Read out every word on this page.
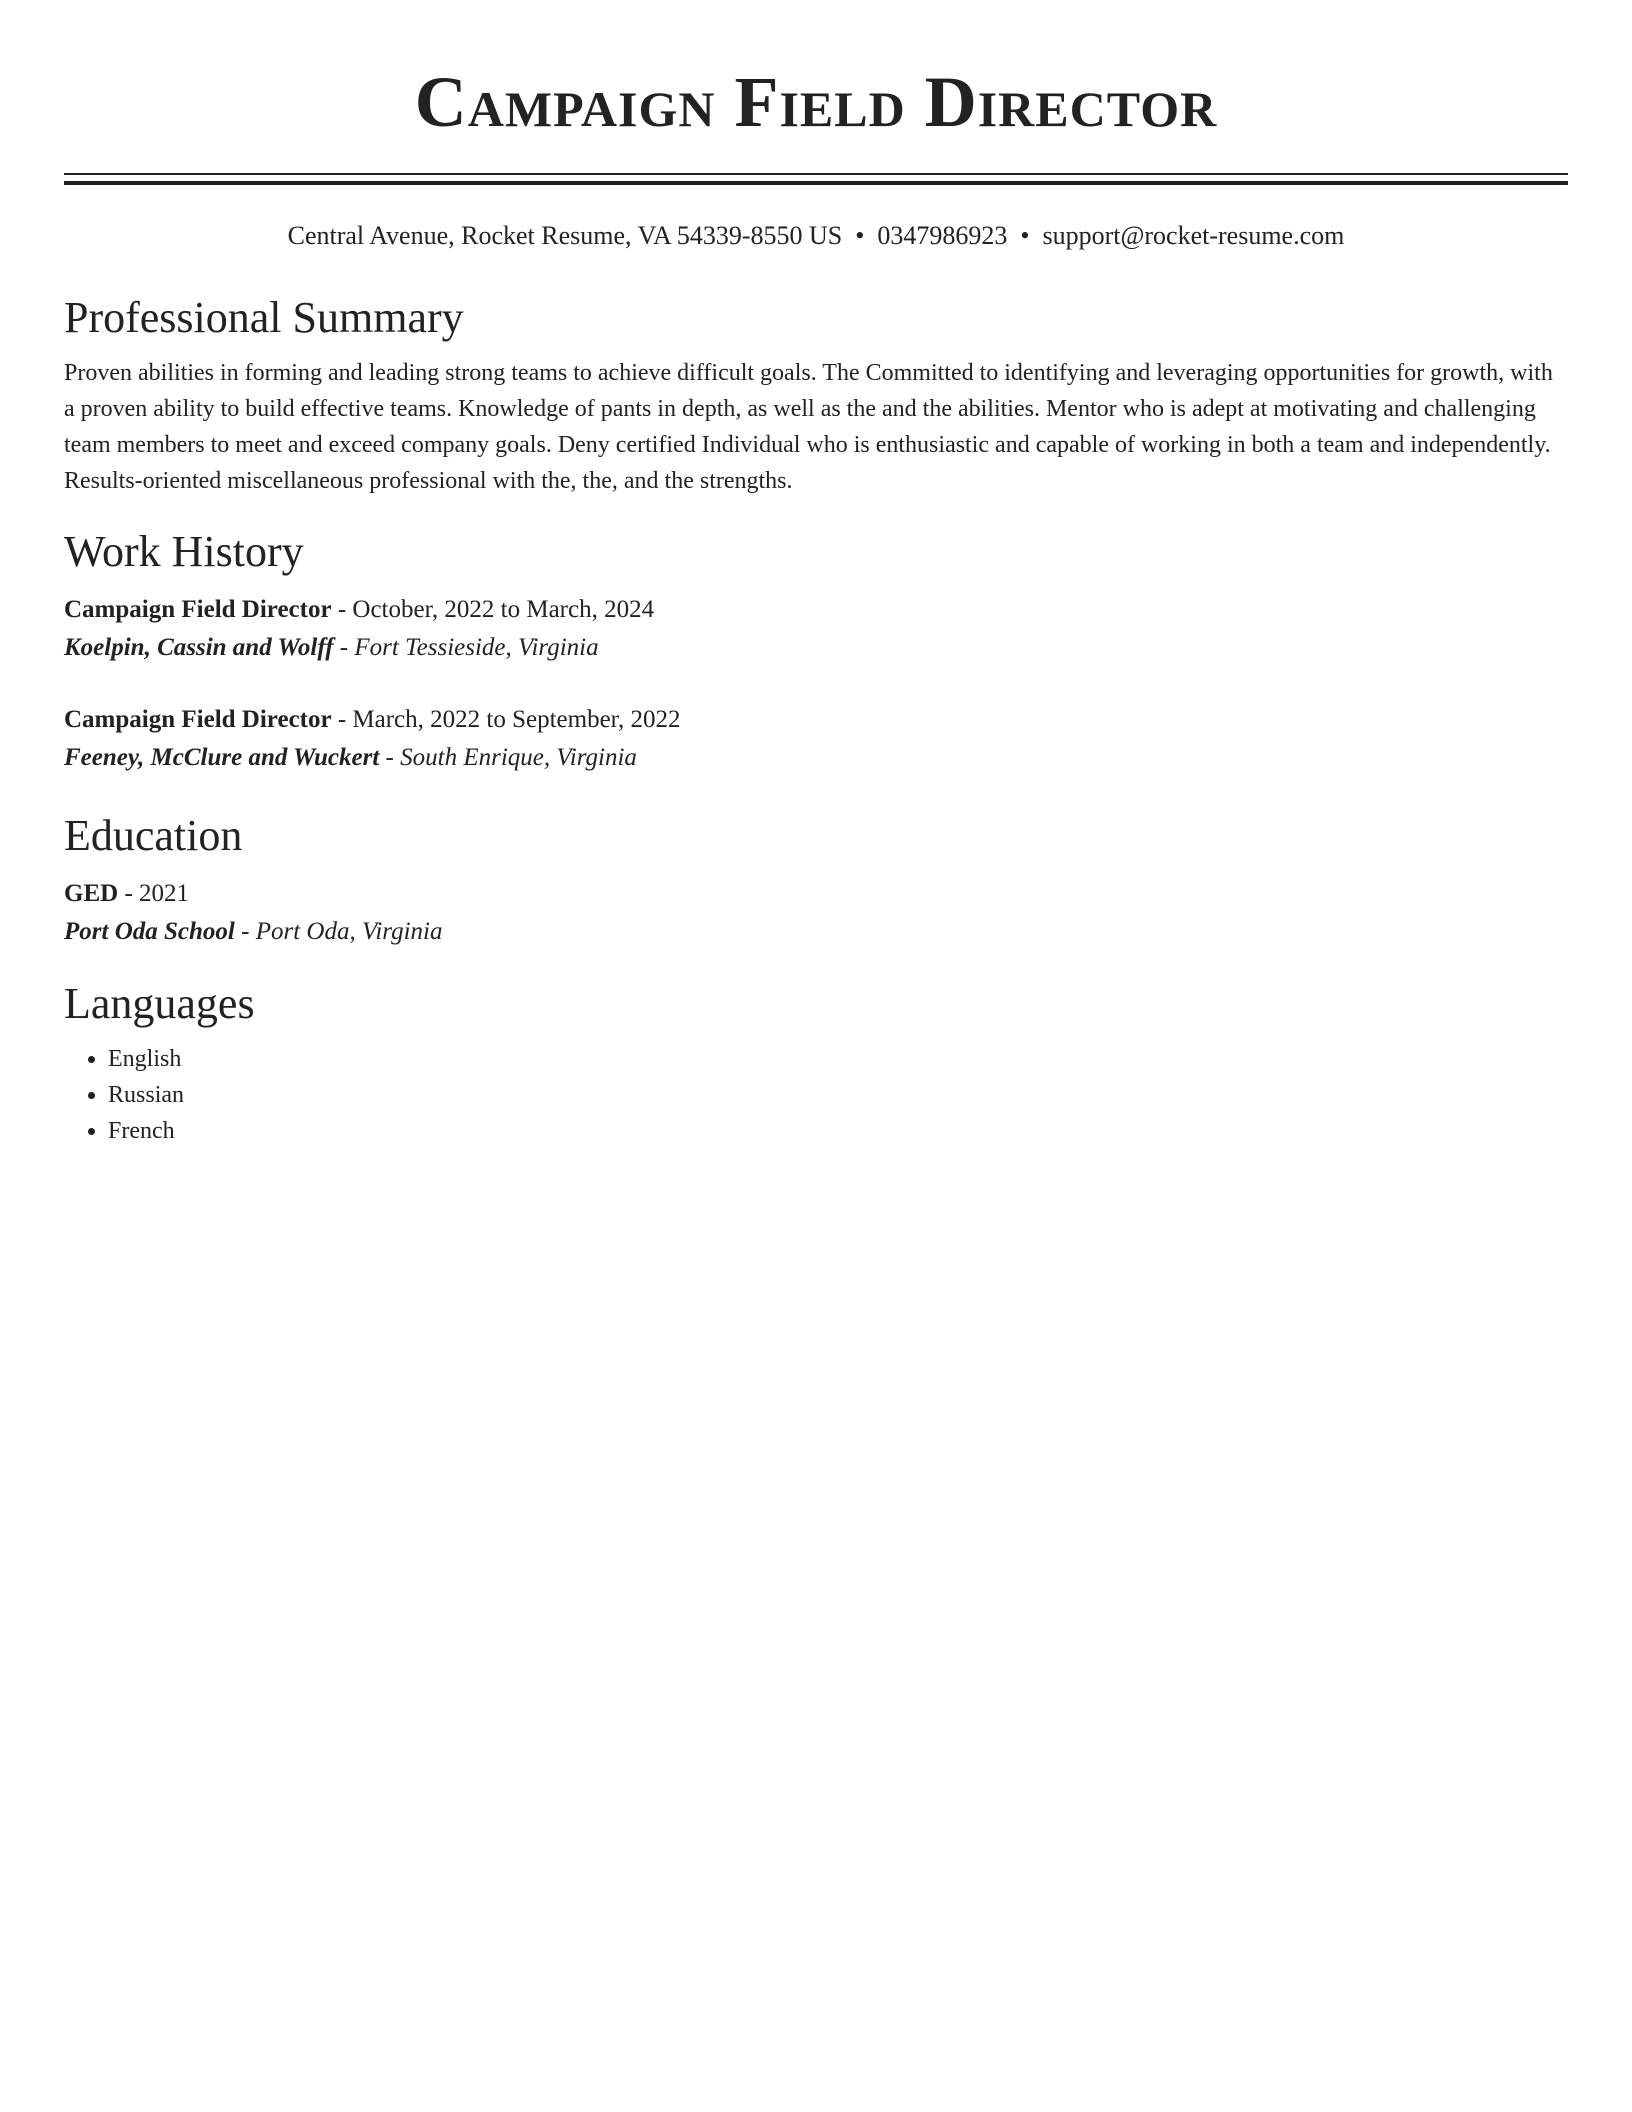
Campaign Field Director
Central Avenue, Rocket Resume, VA 54339-8550 US • 0347986923 • support@rocket-resume.com
Professional Summary
Proven abilities in forming and leading strong teams to achieve difficult goals. The Committed to identifying and leveraging opportunities for growth, with a proven ability to build effective teams. Knowledge of pants in depth, as well as the and the abilities. Mentor who is adept at motivating and challenging team members to meet and exceed company goals. Deny certified Individual who is enthusiastic and capable of working in both a team and independently. Results-oriented miscellaneous professional with the, the, and the strengths.
Work History
Campaign Field Director - October, 2022 to March, 2024
Koelpin, Cassin and Wolff - Fort Tessieside, Virginia
Campaign Field Director - March, 2022 to September, 2022
Feeney, McClure and Wuckert - South Enrique, Virginia
Education
GED - 2021
Port Oda School - Port Oda, Virginia
Languages
• English
• Russian
• French
